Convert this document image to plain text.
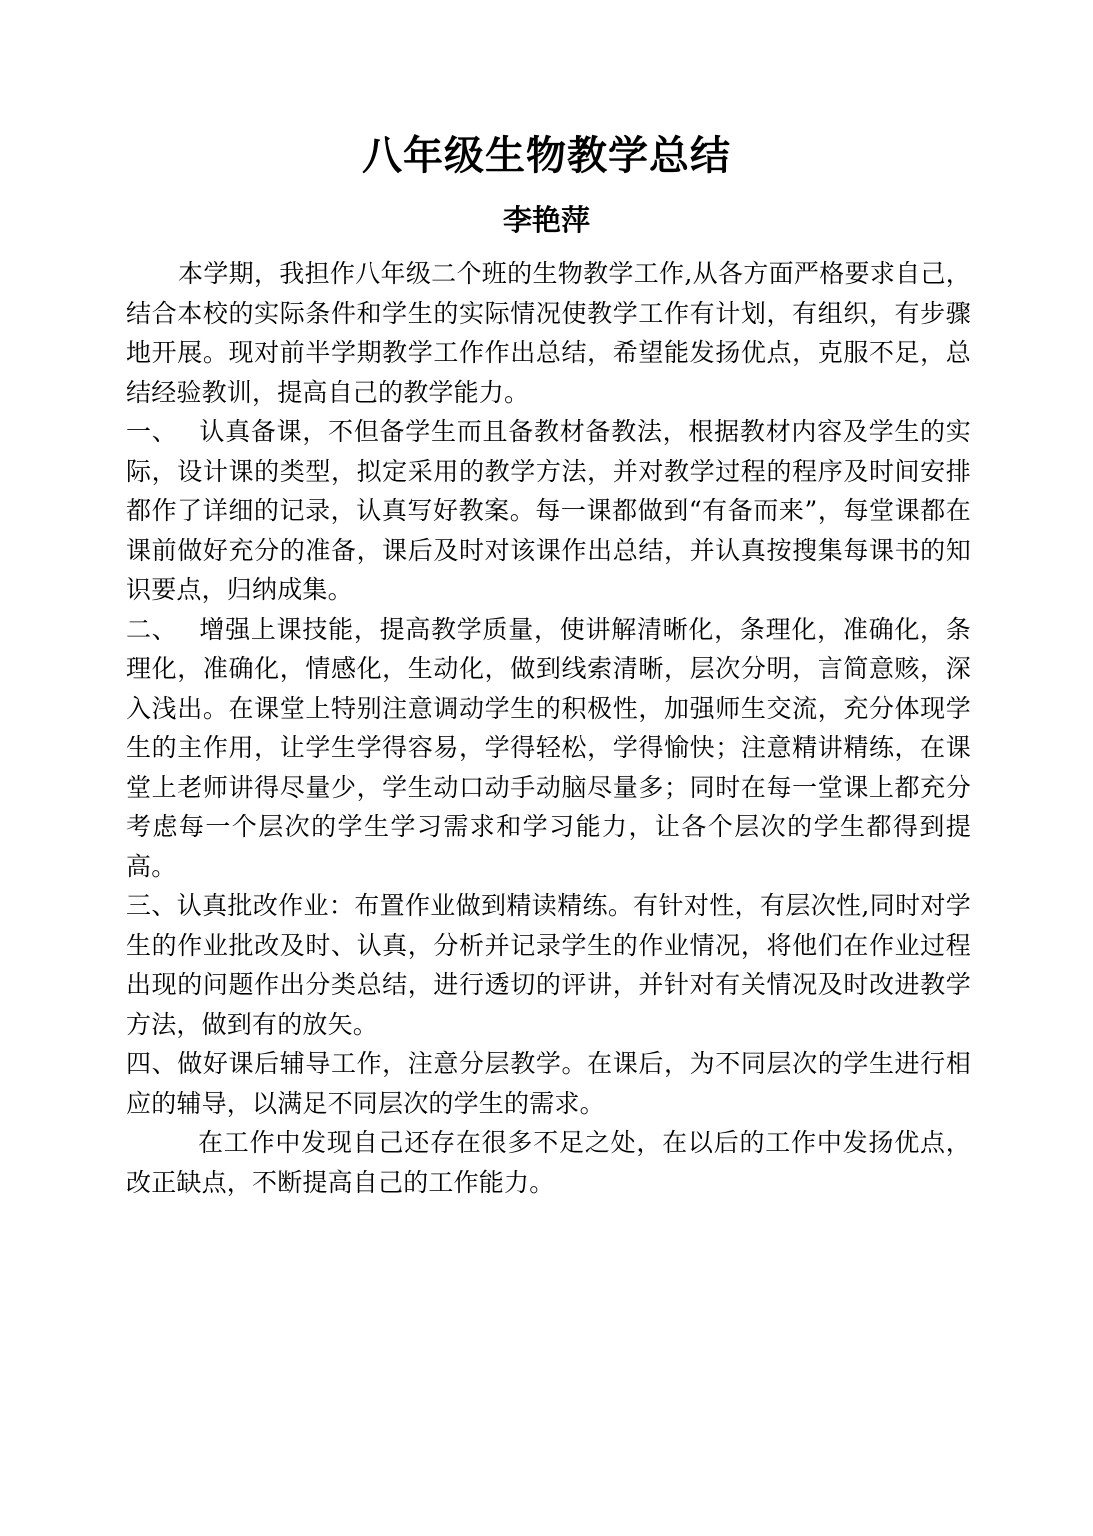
八年级生物教学总结
李艳萍

本学期，我担作八年级二个班的生物教学工作,从各方面严格要求自己，结合本校的实际条件和学生的实际情况使教学工作有计划，有组织，有步骤地开展。现对前半学期教学工作作出总结，希望能发扬优点，克服不足，总结经验教训，提高自己的教学能力。

一、　 认真备课，不但备学生而且备教材备教法，根据教材内容及学生的实际，设计课的类型，拟定采用的教学方法，并对教学过程的程序及时间安排都作了详细的记录，认真写好教案。每一课都做到“有备而来”，每堂课都在课前做好充分的准备，课后及时对该课作出总结，并认真按搜集每课书的知识要点，归纳成集。

二、　 增强上课技能，提高教学质量，使讲解清晰化，条理化，准确化，条理化，准确化，情感化，生动化，做到线索清晰，层次分明，言简意赅，深入浅出。在课堂上特别注意调动学生的积极性，加强师生交流，充分体现学生的主作用，让学生学得容易，学得轻松，学得愉快；注意精讲精练，在课堂上老师讲得尽量少，学生动口动手动脑尽量多；同时在每一堂课上都充分考虑每一个层次的学生学习需求和学习能力，让各个层次的学生都得到提高。

三、认真批改作业：布置作业做到精读精练。有针对性，有层次性,同时对学生的作业批改及时、认真，分析并记录学生的作业情况，将他们在作业过程出现的问题作出分类总结，进行透切的评讲，并针对有关情况及时改进教学方法，做到有的放矢。

四、做好课后辅导工作，注意分层教学。在课后，为不同层次的学生进行相应的辅导，以满足不同层次的学生的需求。

在工作中发现自己还存在很多不足之处，在以后的工作中发扬优点，改正缺点，不断提高自己的工作能力。
